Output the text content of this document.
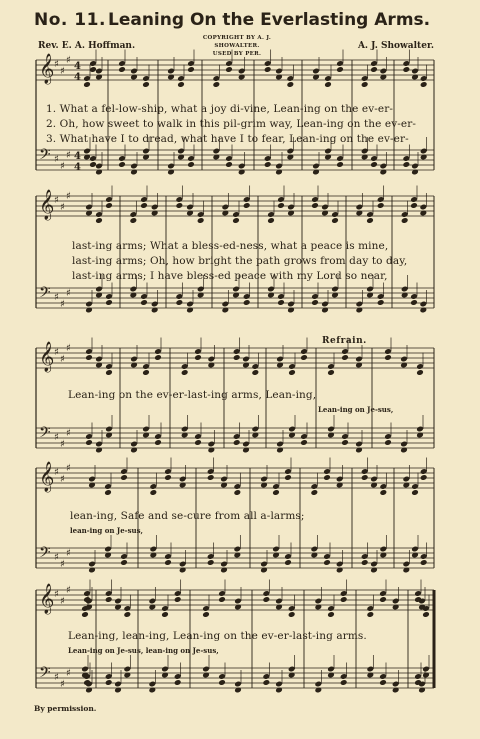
No. 11. Leaning On the Everlasting Arms.
Rev. E. A. Hoffman.
COPYRIGHT BY A. J. SHOWALTER.
USED BY PER.
A. J. Showalter.
𝄞 ♯
♯
♯
4
4
𝄢 ♯
♯
♯ 4
4
𝄞 ♯
♯
♯
𝄢 ♯
♯
♯
𝄞 ♯
♯
♯
𝄢 ♯
♯
♯
𝄞 ♯
♯
♯
𝄢 ♯
♯
♯
𝄞 ♯
♯
♯
𝄢 ♯
♯
♯
1. What a fel-low-ship, what a joy di-vine, Lean-ing on the ev-er-
2. Oh, how sweet to walk in this pil-grim way, Lean-ing on the ev-er-
3. What have I to dread, what have I to fear, Lean-ing on the ev-er-
last-ing arms; What a bless-ed-ness, what a peace is mine,
last-ing arms; Oh, how bright the path grows from day to day,
last-ing arms; I have bless-ed peace with my Lord so near,
Refrain.
Lean-ing on the ev-er-last-ing arms, Lean-ing,
Lean-ing on Je-sus,
lean-ing, Safe and se-cure from all a-larms;
lean-ing on Je-sus,
Lean-ing, lean-ing, Lean-ing on the ev-er-last-ing arms.
Lean-ing on Je-sus, lean-ing on Je-sus,
By permission.
